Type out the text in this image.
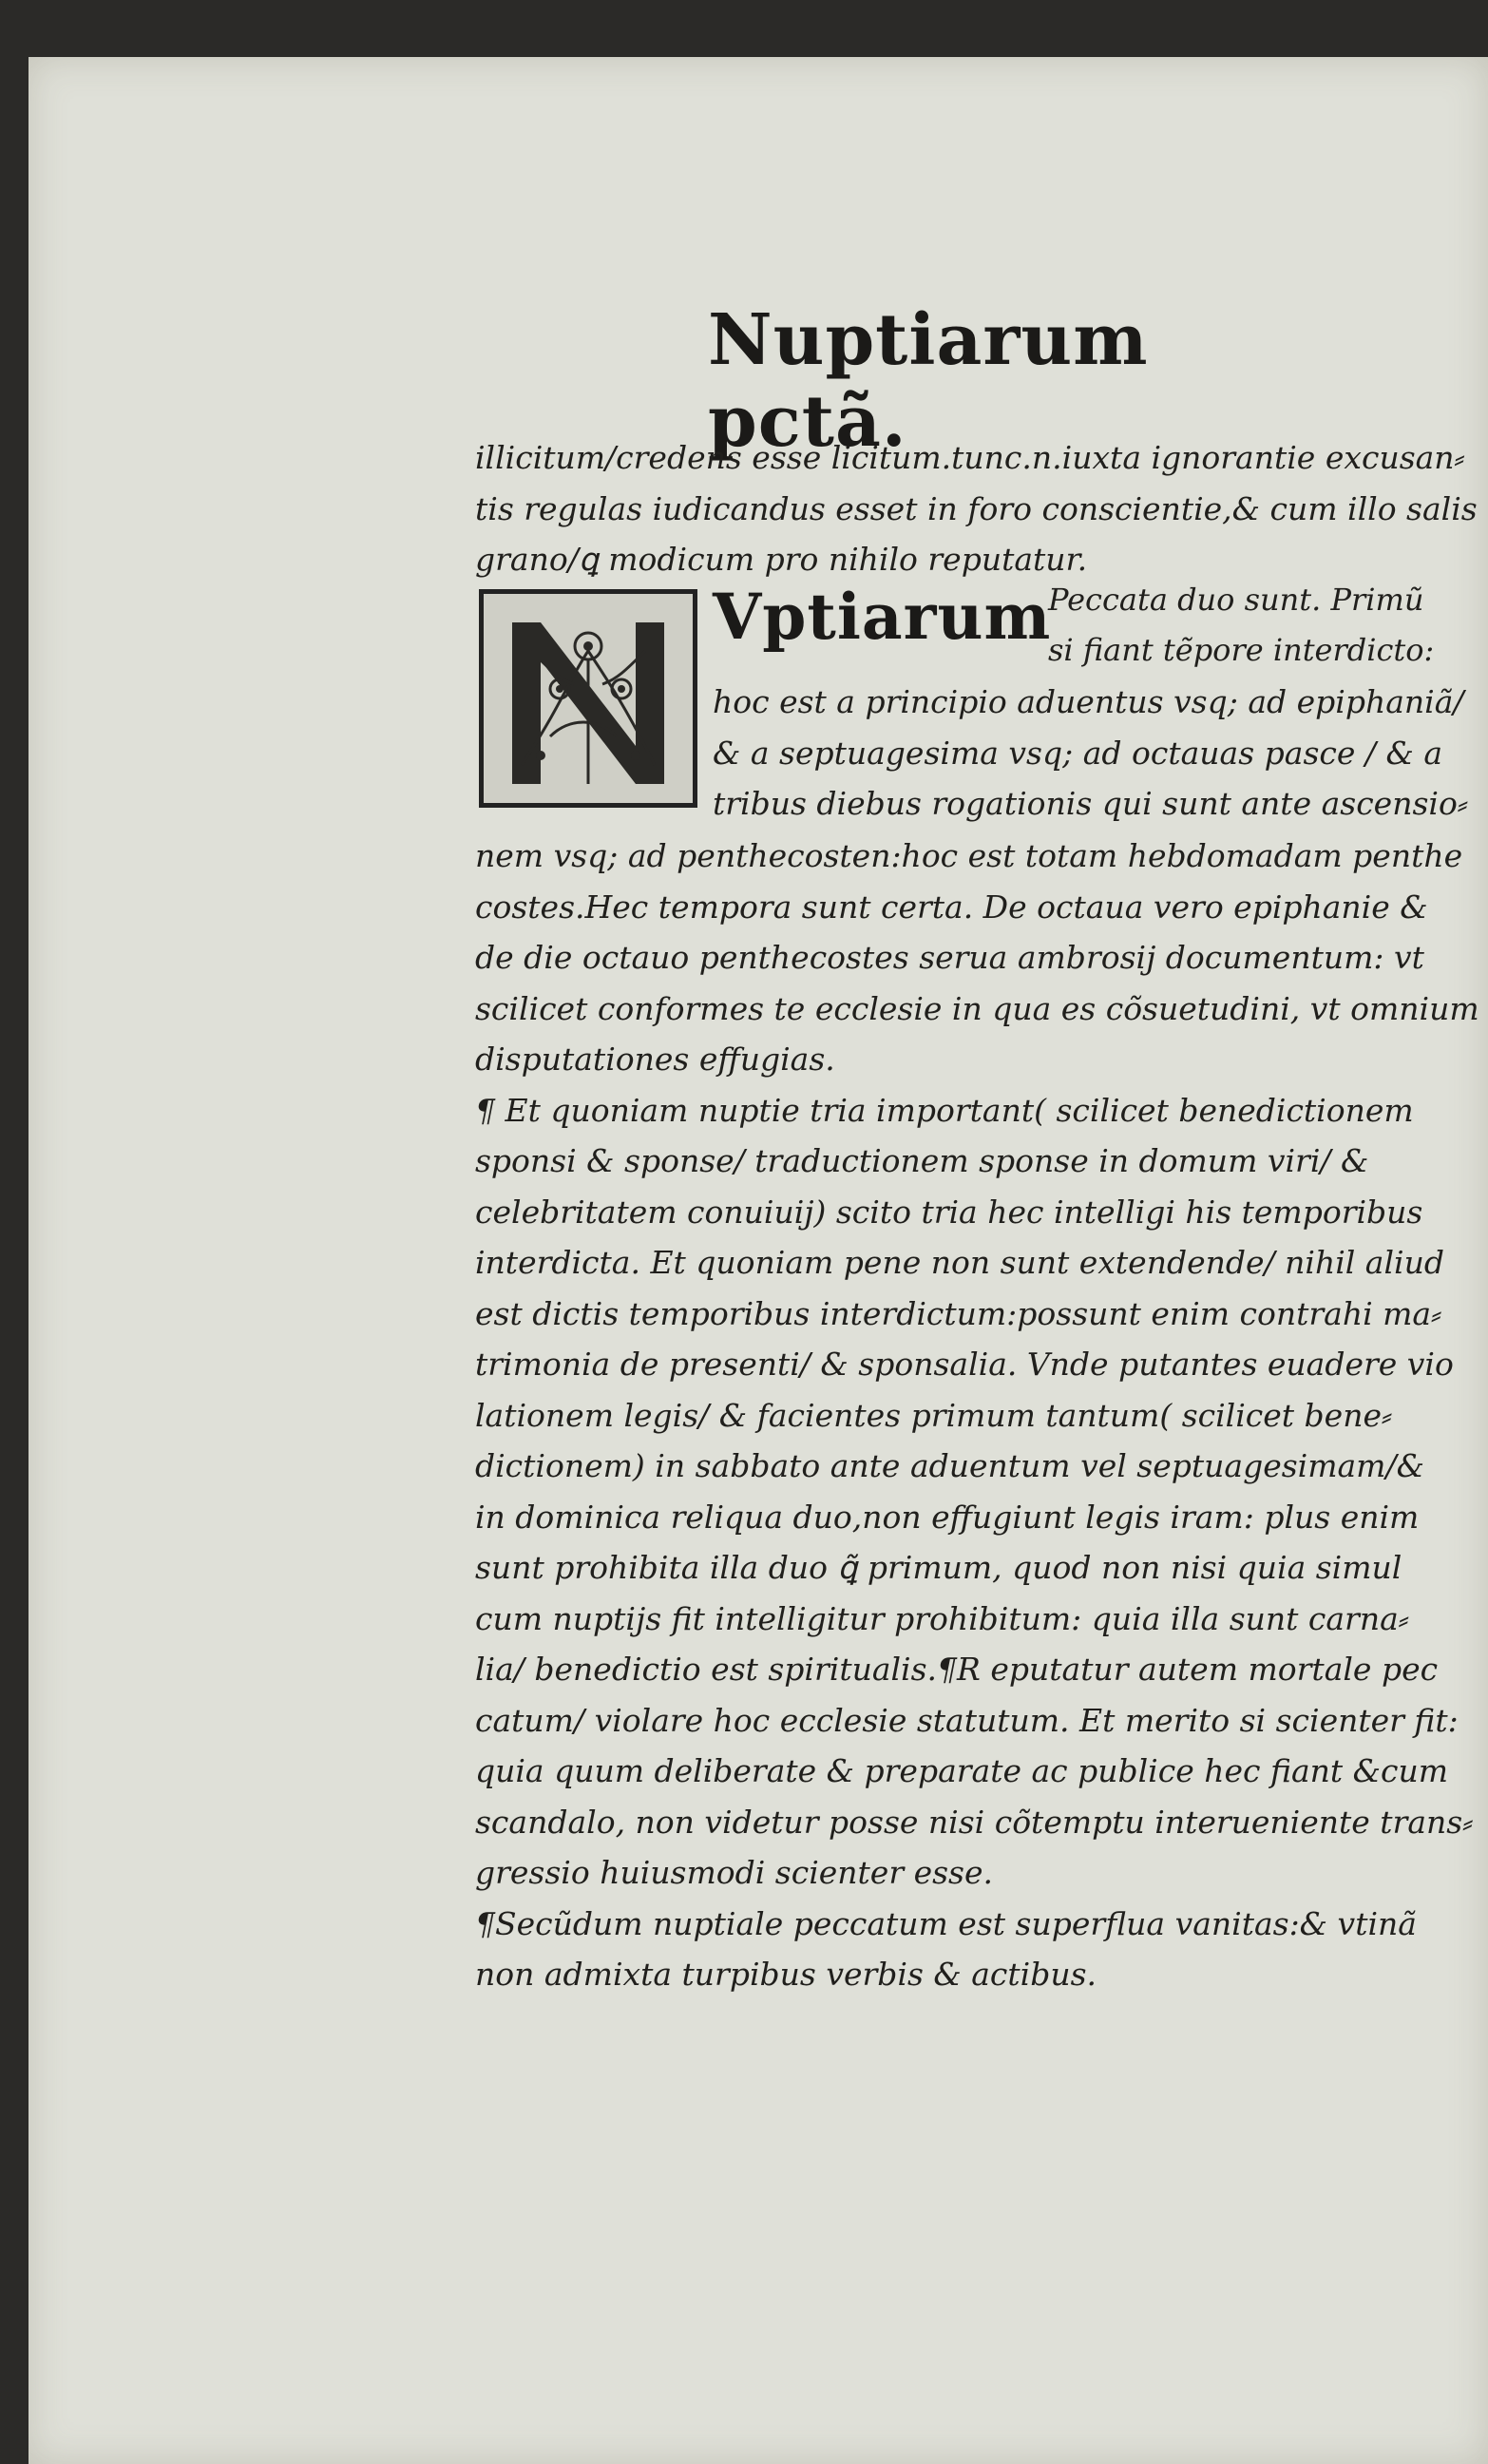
Nuptiarum pctã.
illicitum/credens esse licitum.tunc.n.iuxta ignorantie excusan⸗
tis regulas iudicandus esset in foro conscientie,& cum illo salis
grano/ꝗ modicum pro nihilo reputatur.
Vptiarum
Peccata duo sunt. Primũ
si fiant tẽpore interdicto:
hoc est a principio aduentus vsq; ad epiphaniã/
& a septuagesima vsq; ad octauas pasce / & a
tribus diebus rogationis qui sunt ante ascensio⸗
nem vsq; ad penthecosten:hoc est totam hebdomadam penthe
costes.Hec tempora sunt certa. De octaua vero epiphanie &
de die octauo penthecostes serua ambrosij documentum: vt
scilicet conformes te ecclesie in qua es cõsuetudini, vt omnium
disputationes effugias.
¶ Et quoniam nuptie tria important( scilicet benedictionem
sponsi & sponse/ traductionem sponse in domum viri/ &
celebritatem conuiuij) scito tria hec intelligi his temporibus
interdicta. Et quoniam pene non sunt extendende/ nihil aliud
est dictis temporibus interdictum:possunt enim contrahi ma⸗
trimonia de presenti/ & sponsalia. Vnde putantes euadere vio
lationem legis/ & facientes primum tantum( scilicet bene⸗
dictionem) in sabbato ante aduentum vel septuagesimam/&
in dominica reliqua duo,non effugiunt legis iram: plus enim
sunt prohibita illa duo ꝗ̃ primum, quod non nisi quia simul
cum nuptijs fit intelligitur prohibitum: quia illa sunt carna⸗
lia/ benedictio est spiritualis.¶R eputatur autem mortale pec
catum/ violare hoc ecclesie statutum. Et merito si scienter fit:
quia quum deliberate & preparate ac publice hec fiant &cum
scandalo, non videtur posse nisi cõtemptu interueniente trans⸗
gressio huiusmodi scienter esse.
¶Secũdum nuptiale peccatum est superflua vanitas:& vtinã
non admixta turpibus verbis & actibus.
